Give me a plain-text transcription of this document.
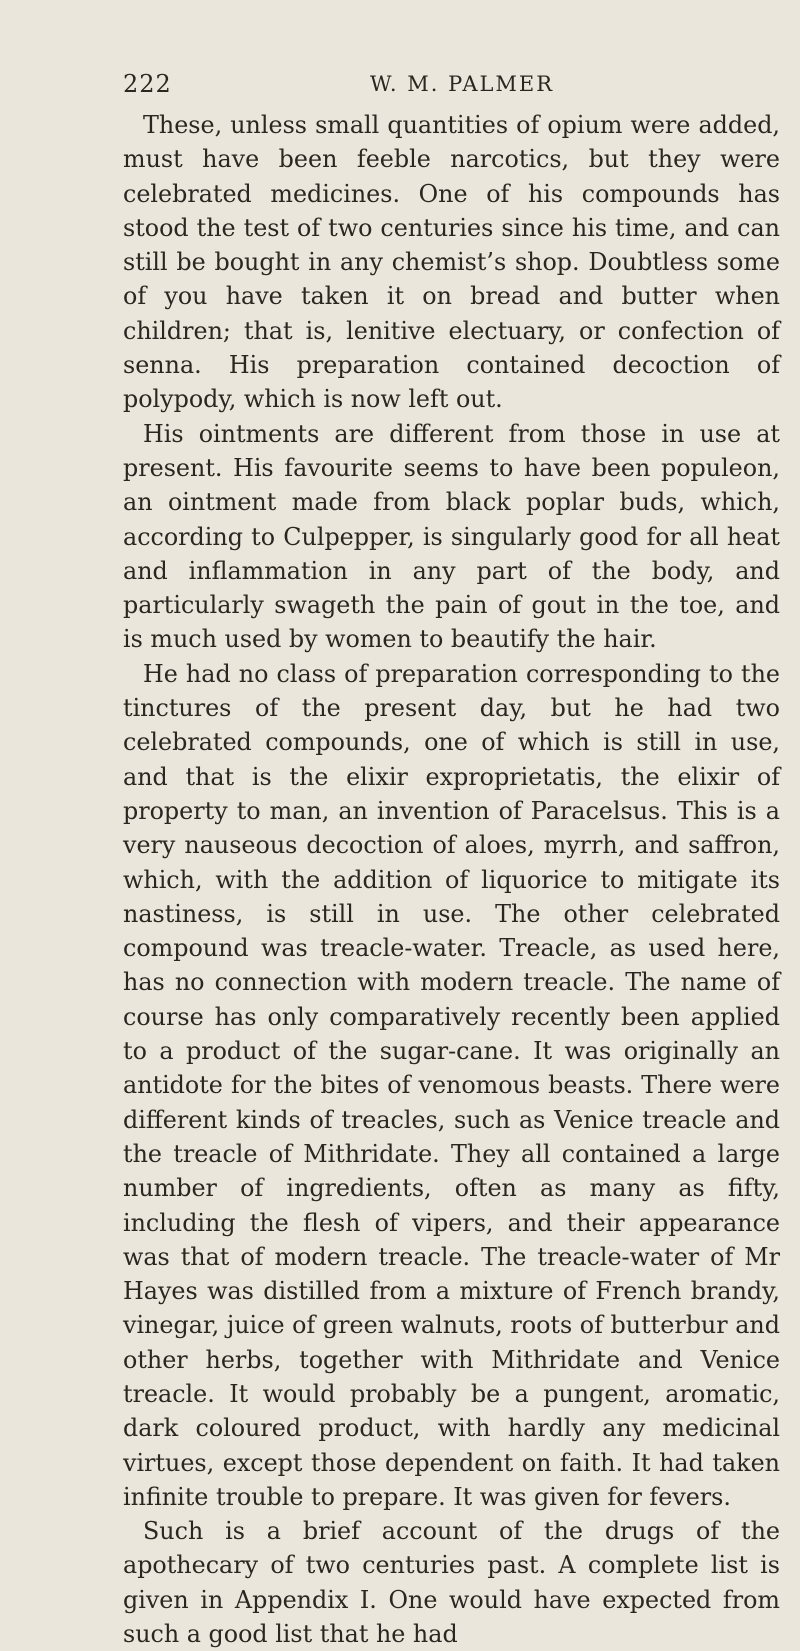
222	W. M. PALMER

These, unless small quantities of opium were added, must have been feeble narcotics, but they were celebrated medicines. One of his compounds has stood the test of two centuries since his time, and can still be bought in any chemist’s shop. Doubtless some of you have taken it on bread and butter when children; that is, lenitive electuary, or confection of senna. His preparation contained decoction of polypody, which is now left out.

His ointments are different from those in use at present. His favourite seems to have been populeon, an ointment made from black poplar buds, which, according to Culpepper, is singularly good for all heat and inflammation in any part of the body, and particularly swageth the pain of gout in the toe, and is much used by women to beautify the hair.

He had no class of preparation corresponding to the tinctures of the present day, but he had two celebrated compounds, one of which is still in use, and that is the elixir exproprietatis, the elixir of property to man, an invention of Paracelsus. This is a very nauseous decoction of aloes, myrrh, and saffron, which, with the addition of liquorice to mitigate its nastiness, is still in use. The other celebrated compound was treacle-water. Treacle, as used here, has no connection with modern treacle. The name of course has only comparatively recently been applied to a product of the sugar-cane. It was originally an antidote for the bites of venomous beasts. There were different kinds of treacles, such as Venice treacle and the treacle of Mithridate. They all contained a large number of ingredients, often as many as fifty, including the flesh of vipers, and their appearance was that of modern treacle. The treacle-water of Mr Hayes was distilled from a mixture of French brandy, vinegar, juice of green walnuts, roots of butterbur and other herbs, together with Mithridate and Venice treacle. It would probably be a pungent, aromatic, dark coloured product, with hardly any medicinal virtues, except those dependent on faith. It had taken infinite trouble to prepare. It was given for fevers.

Such is a brief account of the drugs of the apothecary of two centuries past. A complete list is given in Appendix I. One would have expected from such a good list that he had
